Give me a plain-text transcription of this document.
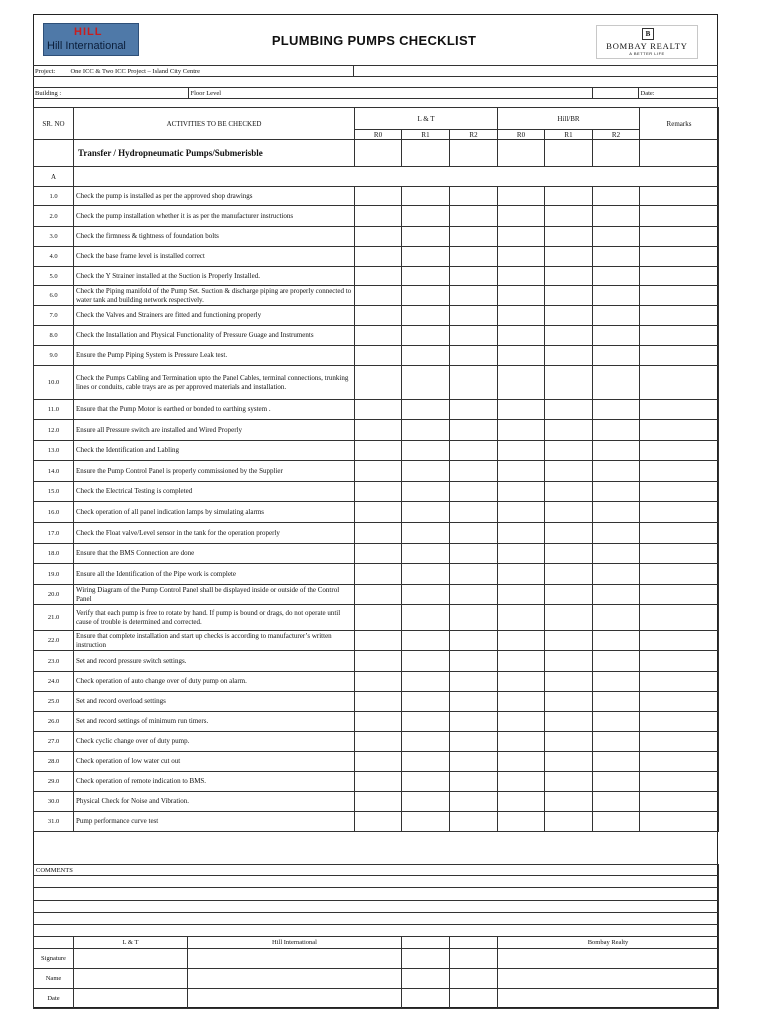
HILL
Hill International	PLUMBING PUMPS CHECKLIST	B
BOMBAY REALTY
A BETTER LIFE
Project: One ICC & Two ICC Project – Island City Centre	
Building :	Floor Level		Date:
SR. NO	ACTIVITIES TO BE CHECKED	L & T			Hill/BR			Remarks
		R0	R1	R2	R0	R1	R2	
	Transfer / Hydropneumatic Pumps/Submerisble							
A								
1.0	Check the pump is installed as per the approved shop drawings							
2.0	Check the pump installation whether it is as per the manufacturer instructions							
3.0	Check the firmness & tightness of foundation bolts							
4.0	Check the base frame level is installed correct							
5.0	Check the Y Strainer installed at the Suction is Properly Installed.							
6.0	Check the Piping manifold of the Pump Set. Suction & discharge piping are properly connected to water tank and building network respectively.							
7.0	Check the Valves and Strainers are fitted and functioning properly							
8.0	Check the Installation and Physical Functionality of Pressure Guage and Instruments							
9.0	Ensure the Pump Piping System is Pressure Leak test.							
10.0	Check the Pumps Cabling and Termination upto the Panel Cables, terminal connections, trunking lines or conduits, cable trays are as per approved materials and installation.							
11.0	Ensure that the Pump Motor is earthed or bonded to earthing system .							
12.0	Ensure all Pressure switch are installed and Wired Properly							
13.0	Check the Identification and Labling							
14.0	Ensure the Pump Control Panel is properly commissioned by the Supplier							
15.0	Check the Electrical Testing is completed							
16.0	Check operation of all panel indication lamps by simulating alarms							
17.0	Check the Float valve/Level sensor in the tank for the operation properly							
18.0	Ensure that the BMS Connection are done							
19.0	Ensure all the Identification of the Pipe work is complete							
20.0	Wiring Diagram of the Pump Control Panel shall be displayed inside or outside of the Control Panel							
21.0	Verify that each pump is free to rotate by hand. If pump is bound or drags, do not operate until cause of trouble is determined and corrected.							
22.0	Ensure that complete installation and start up checks is according to manufacturer’s written instruction							
23.0	Set and record pressure switch settings.							
24.0	Check operation of auto change over of duty pump on alarm.							
25.0	Set and record overload settings							
26.0	Set and record settings of minimum run timers.							
27.0	Check cyclic change over of duty pump.							
28.0	Check operation of low water cut out							
29.0	Check operation of remote indication to BMS.							
30.0	Physical Check for Noise and Vibration.							
31.0	Pump performance curve test							
COMMENTS

	L & T	Hill International			Bombay Realty
Signature					
Name					
Date					
